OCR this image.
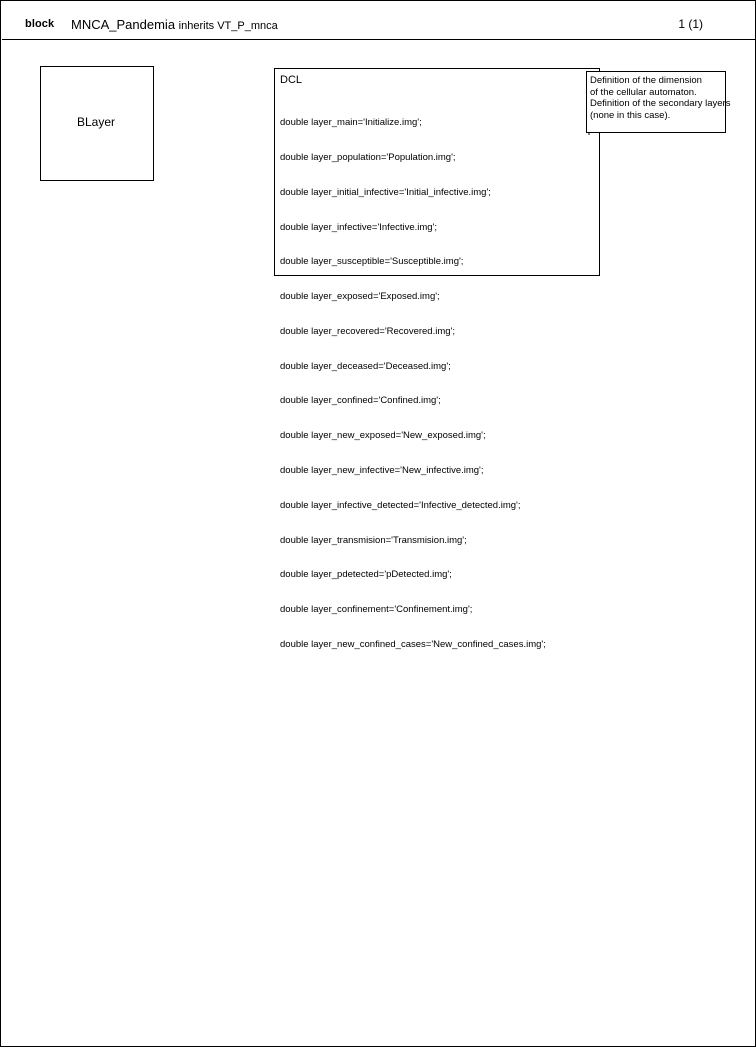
block MNCA_Pandemia inherits VT_P_mnca	1 (1)
BLayer
DCL

double layer_main='Initialize.img';

double layer_population='Population.img';

double layer_initial_infective='Initial_infective.img';

double layer_infective='Infective.img';

double layer_susceptible='Susceptible.img';

double layer_exposed='Exposed.img';

double layer_recovered='Recovered.img';

double layer_deceased='Deceased.img';

double layer_confined='Confined.img';

double layer_new_exposed='New_exposed.img';

double layer_new_infective='New_infective.img';

double layer_infective_detected='Infective_detected.img';

double layer_transmision='Transmision.img';

double layer_pdetected='pDetected.img';

double layer_confinement='Confinement.img';

double layer_new_confined_cases='New_confined_cases.img';

Definition of the dimension
of the cellular automaton.
Definition of the secondary layers
(none in this case).
